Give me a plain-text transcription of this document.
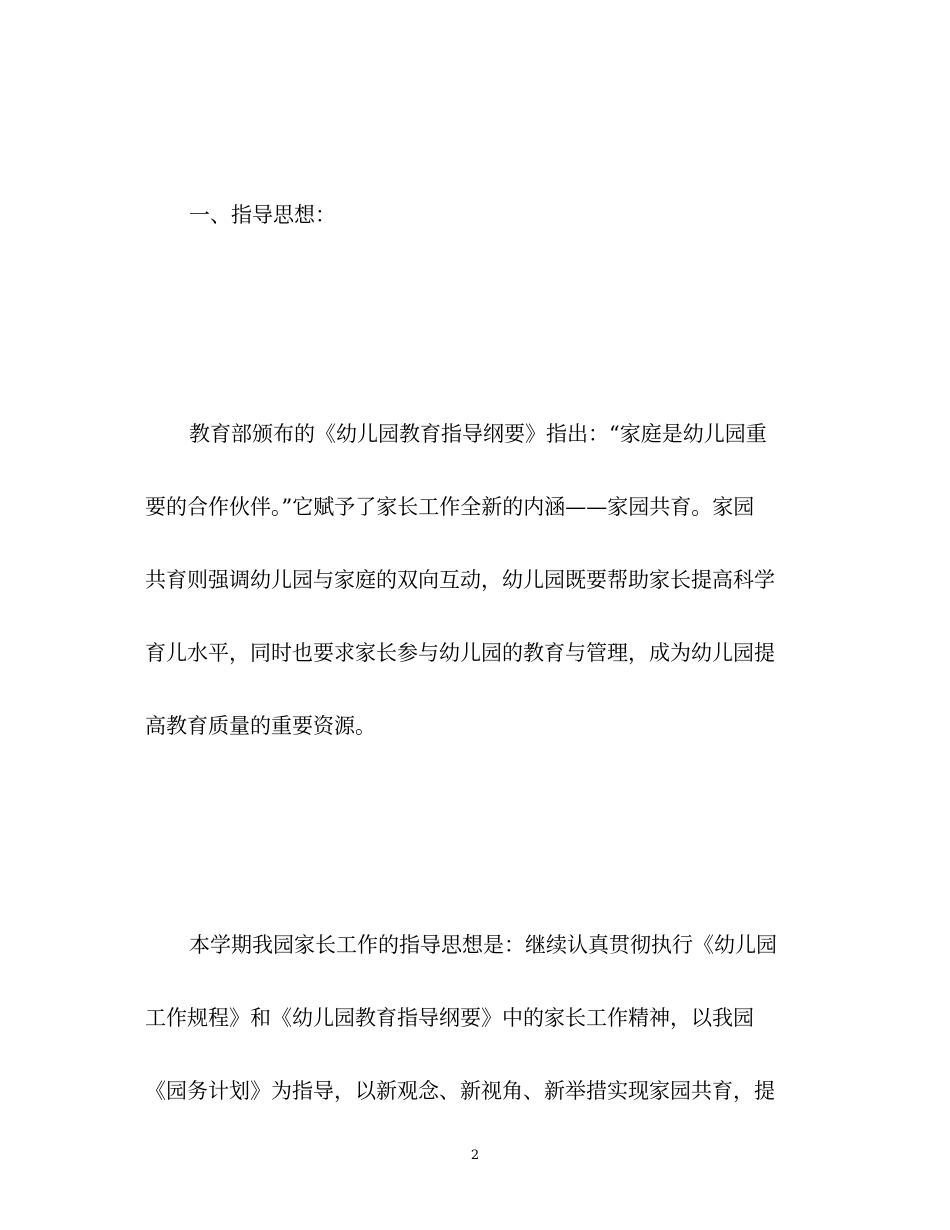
一、指导思想：
教育部颁布的《幼儿园教育指导纲要》指出：“家庭是幼儿园重
要的合作伙伴。”它赋予了家长工作全新的内涵——家园共育。家园
共育则强调幼儿园与家庭的双向互动，幼儿园既要帮助家长提高科学
育儿水平，同时也要求家长参与幼儿园的教育与管理，成为幼儿园提
高教育质量的重要资源。
本学期我园家长工作的指导思想是：继续认真贯彻执行《幼儿园
工作规程》和《幼儿园教育指导纲要》中的家长工作精神，以我园
《园务计划》为指导，以新观念、新视角、新举措实现家园共育，提
2
